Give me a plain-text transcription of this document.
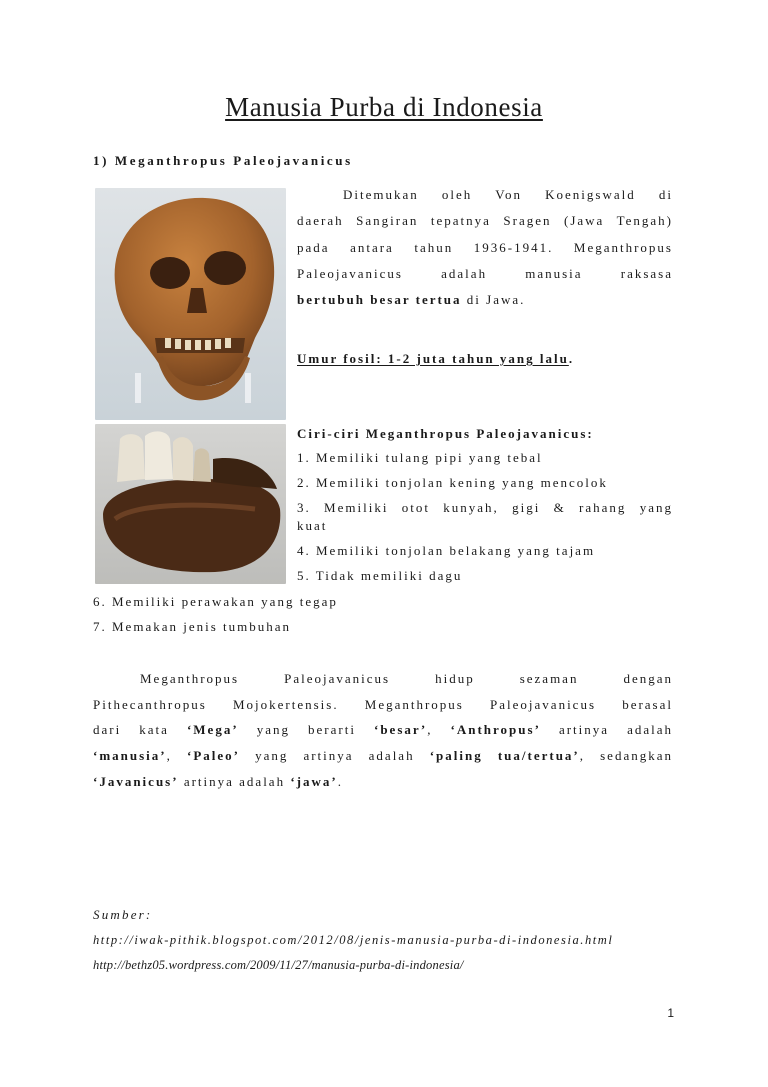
Manusia Purba di Indonesia
1) Meganthropus Paleojavanicus
Ditemukan oleh Von Koenigswald di
daerah Sangiran tepatnya Sragen (Jawa Tengah)
pada antara tahun 1936-1941. Meganthropus
Paleojavanicus adalah manusia raksasa
bertubuh besar tertua di Jawa.
Umur fosil: 1-2 juta tahun yang lalu.
Ciri-ciri Meganthropus Paleojavanicus:
1. Memiliki tulang pipi yang tebal
2. Memiliki tonjolan kening yang mencolok
3. Memiliki otot kunyah, gigi & rahang yang
kuat
4. Memiliki tonjolan belakang yang tajam
5. Tidak memiliki dagu
6. Memiliki perawakan yang tegap
7. Memakan jenis tumbuhan
Meganthropus Paleojavanicus hidup sezaman dengan
Pithecanthropus Mojokertensis. Meganthropus Paleojavanicus berasal
dari kata ‘Mega’ yang berarti ‘besar’, ‘Anthropus’ artinya adalah
‘manusia’, ‘Paleo’ yang artinya adalah ‘paling tua/tertua’, sedangkan
‘Javanicus’ artinya adalah ‘jawa’.
Sumber:
http://iwak-pithik.blogspot.com/2012/08/jenis-manusia-purba-di-indonesia.html
http://bethz05.wordpress.com/2009/11/27/manusia-purba-di-indonesia/
1
